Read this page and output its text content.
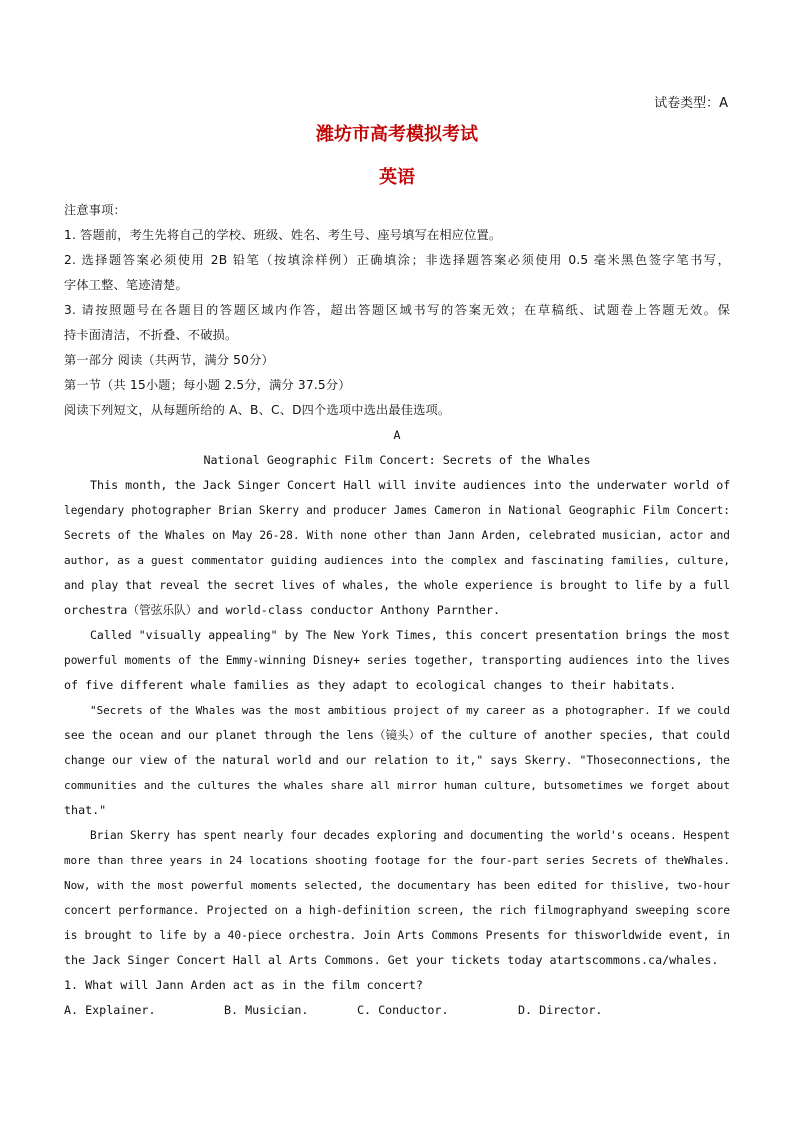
试卷类型：A
潍坊市高考模拟考试
英语
注意事项：
1. 答题前，考生先将自己的学校、班级、姓名、考生号、座号填写在相应位置。
2. 选择题答案必须使用 2B 铅笔（按填涂样例）正确填涂；非选择题答案必须使用 0.5 毫米黑色签字笔书写，
字体工整、笔迹清楚。
3. 请按照题号在各题目的答题区域内作答，超出答题区域书写的答案无效；在草稿纸、试题卷上答题无效。保
持卡面清洁，不折叠、不破损。
第一部分 阅读（共两节，满分 50分）
第一节（共 15小题；每小题 2.5分，满分 37.5分）
阅读下列短文，从每题所给的 A、B、C、D四个选项中选出最佳选项。
A
National Geographic Film Concert: Secrets of the Whales
This month, the Jack Singer Concert Hall will invite audiences into the underwater world of
legendary photographer Brian Skerry and producer James Cameron in National Geographic Film Concert:
Secrets of the Whales on May 26-28. With none other than Jann Arden, celebrated musician, actor and
author, as a guest commentator guiding audiences into the complex and fascinating families, culture,
and play that reveal the secret lives of whales, the whole experience is brought to life by a full
orchestra（管弦乐队）and world-class conductor Anthony Parnther.
Called "visually appealing" by The New York Times, this concert presentation brings the most
powerful moments of the Emmy-winning Disney+ series together, transporting audiences into the lives
of five different whale families as they adapt to ecological changes to their habitats.
"Secrets of the Whales was the most ambitious project of my career as a photographer. If we could
see the ocean and our planet through the lens（镜头）of the culture of another species, that could
change our view of the natural world and our relation to it," says Skerry. "Thoseconnections, the
communities and the cultures the whales share all mirror human culture, butsometimes we forget about
that."
Brian Skerry has spent nearly four decades exploring and documenting the world's oceans. Hespent
more than three years in 24 locations shooting footage for the four-part series Secrets of theWhales.
Now, with the most powerful moments selected, the documentary has been edited for thislive, two-hour
concert performance. Projected on a high-definition screen, the rich filmographyand sweeping score
is brought to life by a 40-piece orchestra. Join Arts Commons Presents for thisworldwide event, in
the Jack Singer Concert Hall al Arts Commons. Get your tickets today atartscommons.ca/whales.
1. What will Jann Arden act as in the film concert?
A. Explainer.	B. Musician.	C. Conductor.	D. Director.
